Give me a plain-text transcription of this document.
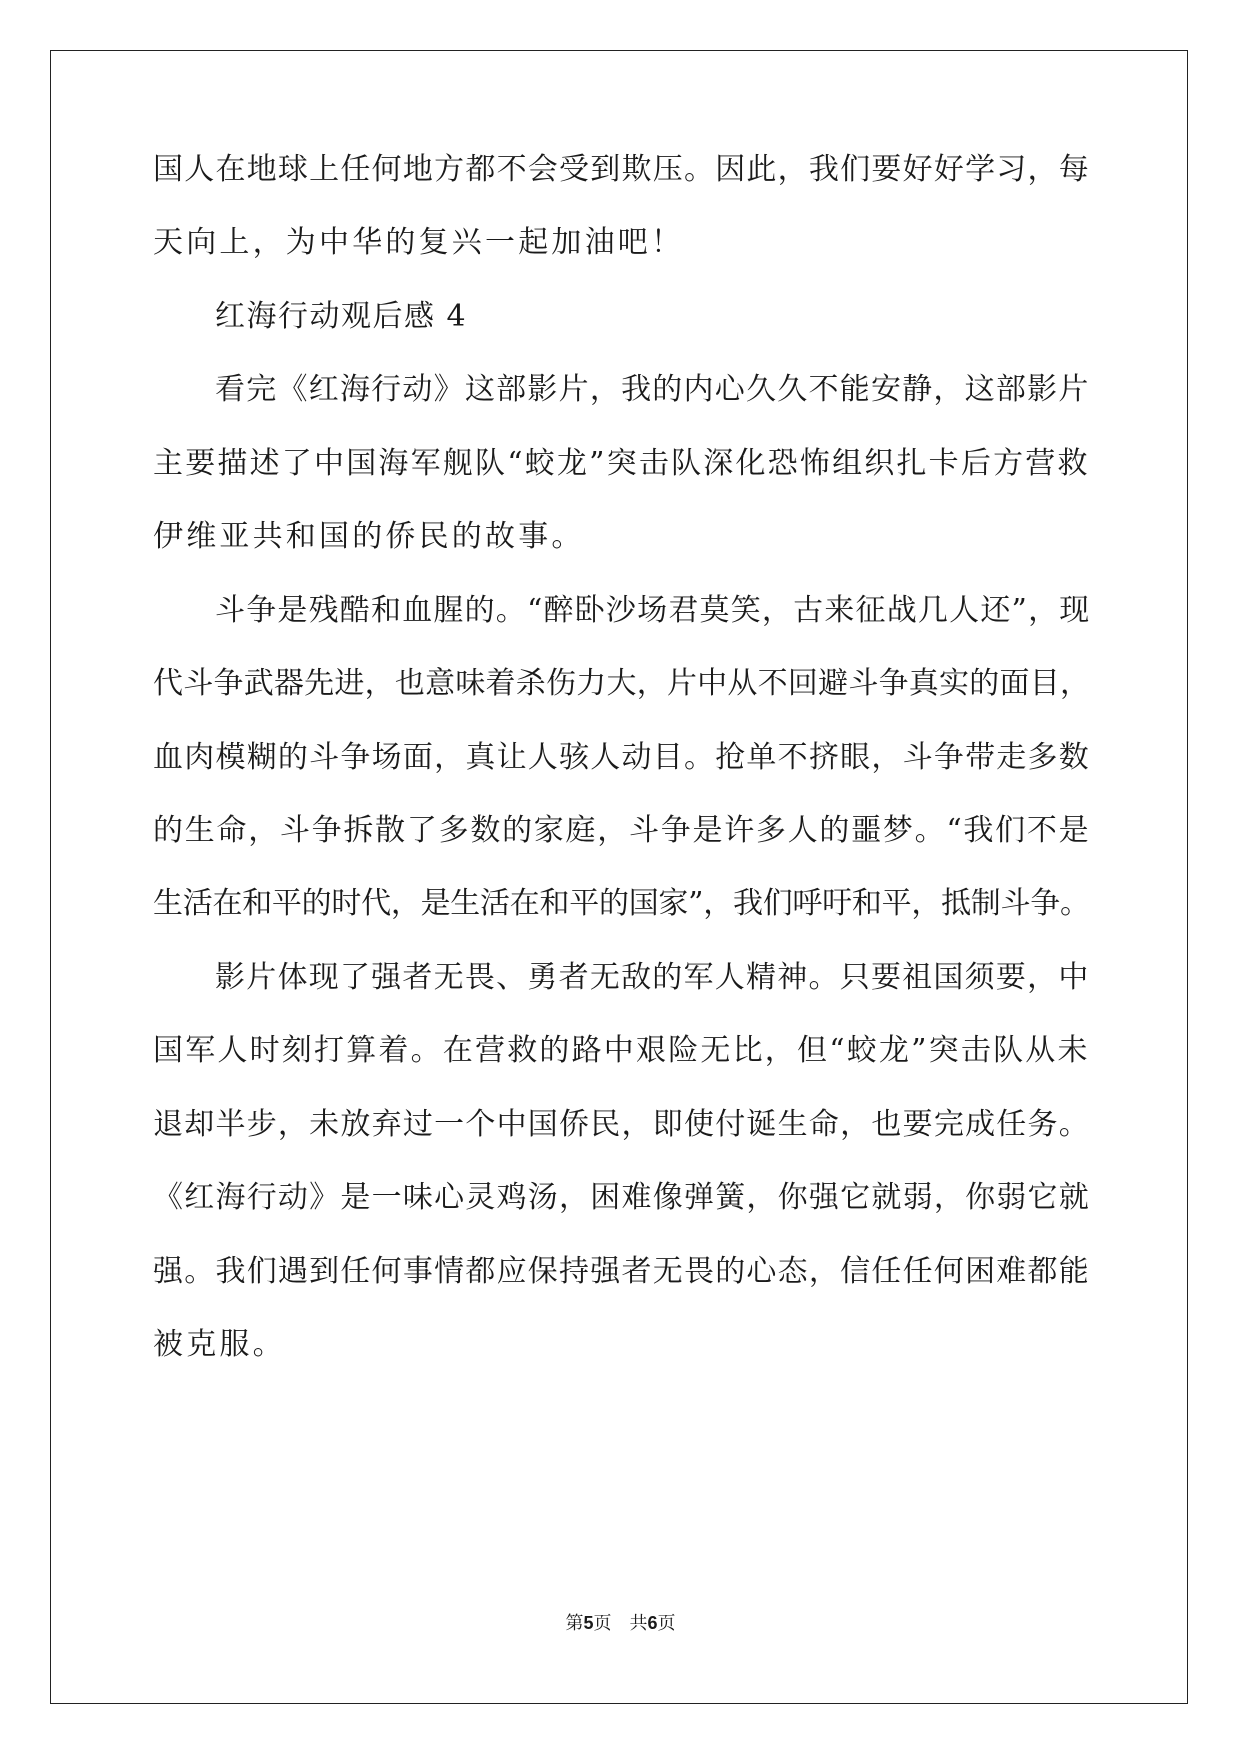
国人在地球上任何地方都不会受到欺压。因此，我们要好好学习，每
天向上，为中华的复兴一起加油吧！
红海行动观后感 4
看完《红海行动》这部影片，我的内心久久不能安静，这部影片
主要描述了中国海军舰队“蛟龙”突击队深化恐怖组织扎卡后方营救
伊维亚共和国的侨民的故事。
斗争是残酷和血腥的。“醉卧沙场君莫笑，古来征战几人还”，现
代斗争武器先进，也意味着杀伤力大，片中从不回避斗争真实的面目，
血肉模糊的斗争场面，真让人骇人动目。抢单不挤眼，斗争带走多数
的生命，斗争拆散了多数的家庭，斗争是许多人的噩梦。“我们不是
生活在和平的时代，是生活在和平的国家”，我们呼吁和平，抵制斗争。
影片体现了强者无畏、勇者无敌的军人精神。只要祖国须要，中
国军人时刻打算着。在营救的路中艰险无比，但“蛟龙”突击队从未
退却半步，未放弃过一个中国侨民，即使付诞生命，也要完成任务。
《红海行动》是一味心灵鸡汤，困难像弹簧，你强它就弱，你弱它就
强。我们遇到任何事情都应保持强者无畏的心态，信任任何困难都能
被克服。
第5页 共6页
